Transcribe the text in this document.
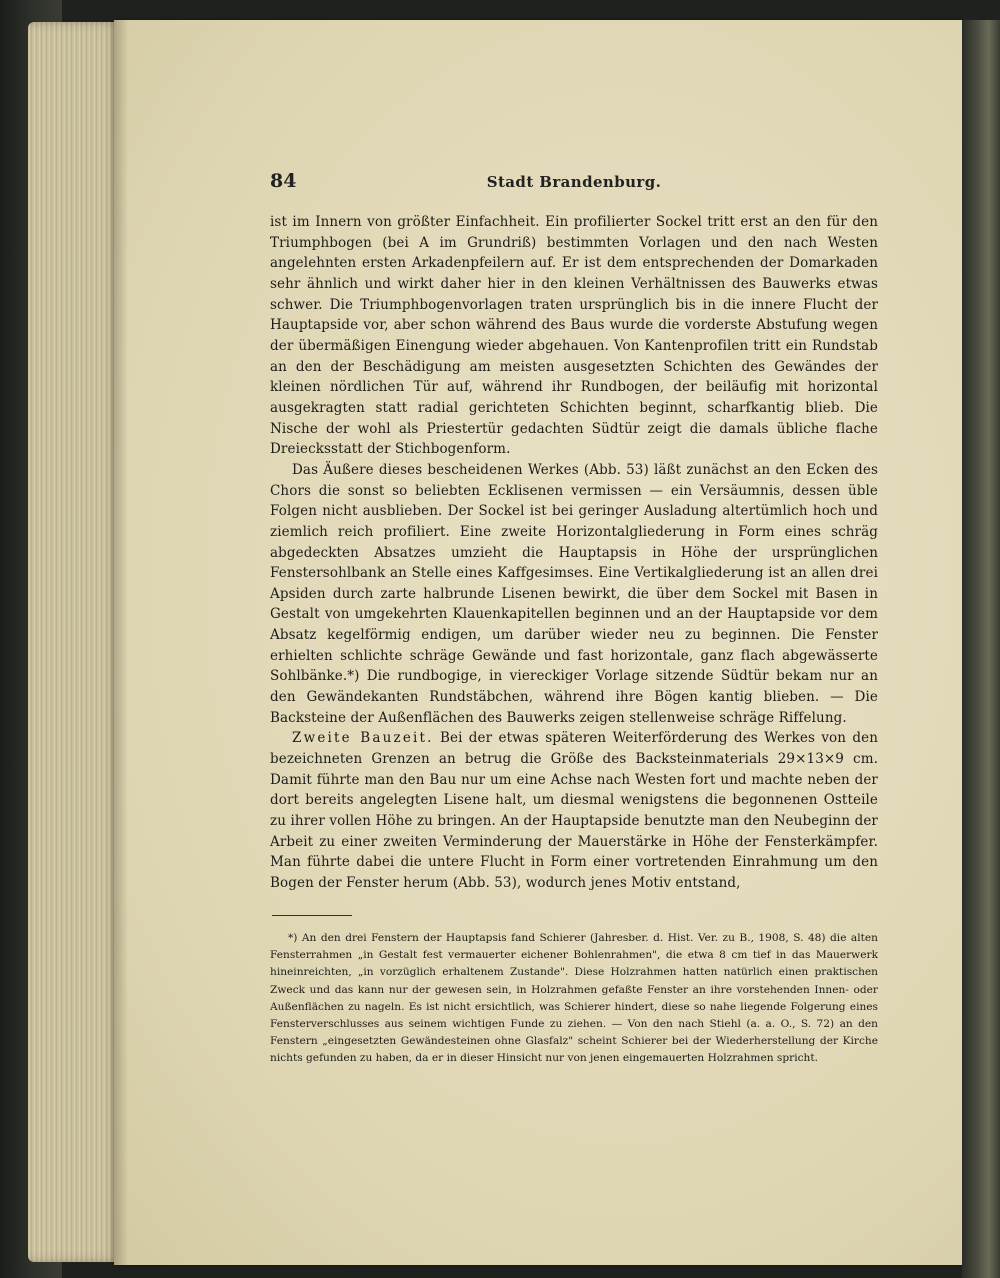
84	Stadt Brandenburg.

ist im Innern von größter Einfachheit. Ein profilierter Sockel tritt erst an den für den Triumphbogen (bei A im Grundriß) bestimmten Vorlagen und den nach Westen angelehnten ersten Arkadenpfeilern auf. Er ist dem entsprechenden der Domarkaden sehr ähnlich und wirkt daher hier in den kleinen Verhältnissen des Bauwerks etwas schwer. Die Triumphbogenvorlagen traten ursprünglich bis in die innere Flucht der Hauptapside vor, aber schon während des Baus wurde die vorderste Abstufung wegen der übermäßigen Einengung wieder abgehauen. Von Kantenprofilen tritt ein Rundstab an den der Beschädigung am meisten ausgesetzten Schichten des Gewändes der kleinen nördlichen Tür auf, während ihr Rundbogen, der beiläufig mit horizontal ausgekragten statt radial gerichteten Schichten beginnt, scharfkantig blieb. Die Nische der wohl als Priestertür gedachten Südtür zeigt die damals übliche flache Dreiecksstatt der Stichbogenform.

Das Äußere dieses bescheidenen Werkes (Abb. 53) läßt zunächst an den Ecken des Chors die sonst so beliebten Ecklisenen vermissen — ein Versäumnis, dessen üble Folgen nicht ausblieben. Der Sockel ist bei geringer Ausladung altertümlich hoch und ziemlich reich profiliert. Eine zweite Horizontalgliederung in Form eines schräg abgedeckten Absatzes umzieht die Hauptapsis in Höhe der ursprünglichen Fenstersohlbank an Stelle eines Kaffgesimses. Eine Vertikalgliederung ist an allen drei Apsiden durch zarte halbrunde Lisenen bewirkt, die über dem Sockel mit Basen in Gestalt von umgekehrten Klauenkapitellen beginnen und an der Hauptapside vor dem Absatz kegelförmig endigen, um darüber wieder neu zu beginnen. Die Fenster erhielten schlichte schräge Gewände und fast horizontale, ganz flach abgewässerte Sohlbänke.*) Die rundbogige, in viereckiger Vorlage sitzende Südtür bekam nur an den Gewändekanten Rundstäbchen, während ihre Bögen kantig blieben. — Die Backsteine der Außenflächen des Bauwerks zeigen stellenweise schräge Riffelung.

Zweite Bauzeit. Bei der etwas späteren Weiterförderung des Werkes von den bezeichneten Grenzen an betrug die Größe des Backsteinmaterials 29×13×9 cm. Damit führte man den Bau nur um eine Achse nach Westen fort und machte neben der dort bereits angelegten Lisene halt, um diesmal wenigstens die begonnenen Ostteile zu ihrer vollen Höhe zu bringen. An der Hauptapside benutzte man den Neubeginn der Arbeit zu einer zweiten Verminderung der Mauerstärke in Höhe der Fensterkämpfer. Man führte dabei die untere Flucht in Form einer vortretenden Einrahmung um den Bogen der Fenster herum (Abb. 53), wodurch jenes Motiv entstand,

*) An den drei Fenstern der Hauptapsis fand Schierer (Jahresber. d. Hist. Ver. zu B., 1908, S. 48) die alten Fensterrahmen „in Gestalt fest vermauerter eichener Bohlenrahmen", die etwa 8 cm tief in das Mauerwerk hineinreichten, „in vorzüglich erhaltenem Zustande". Diese Holzrahmen hatten natürlich einen praktischen Zweck und das kann nur der gewesen sein, in Holzrahmen gefaßte Fenster an ihre vorstehenden Innen- oder Außenflächen zu nageln. Es ist nicht ersichtlich, was Schierer hindert, diese so nahe liegende Folgerung eines Fensterverschlusses aus seinem wichtigen Funde zu ziehen. — Von den nach Stiehl (a. a. O., S. 72) an den Fenstern „eingesetzten Gewändesteinen ohne Glasfalz" scheint Schierer bei der Wiederherstellung der Kirche nichts gefunden zu haben, da er in dieser Hinsicht nur von jenen eingemauerten Holzrahmen spricht.
